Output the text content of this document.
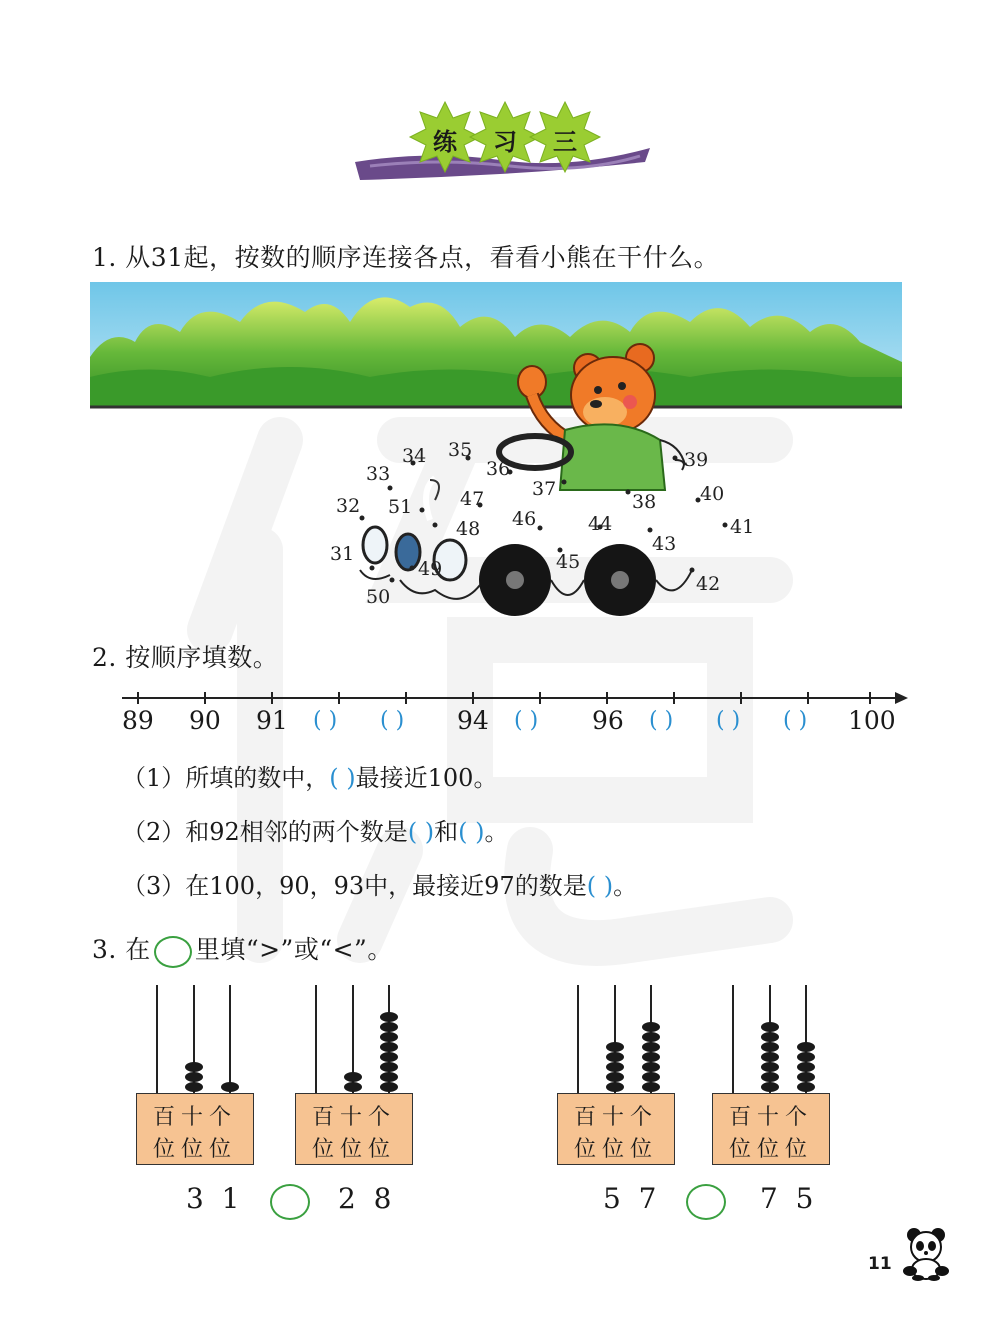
练 习 三
1. 从31起，按数的顺序连接各点，看看小熊在干什么。
31
32
33
34 35
36
37
38
39
40
41
42
43
44
45
46
47
48
49
50
51
2. 按顺序填数。
89 90 91 ( ) ( ) 94 ( ) 96 ( ) ( ) ( ) 100
（1）所填的数中，( )最接近100。
（2）和92相邻的两个数是( )和( )。
（3）在100，90，93中，最接近97的数是( )。
3. 在 里填“>”或“<”。
百十个
位位位
百十个
位位位
百十个
位位位
百十个
位位位
3  1	2  8	5  7	7  5
11
